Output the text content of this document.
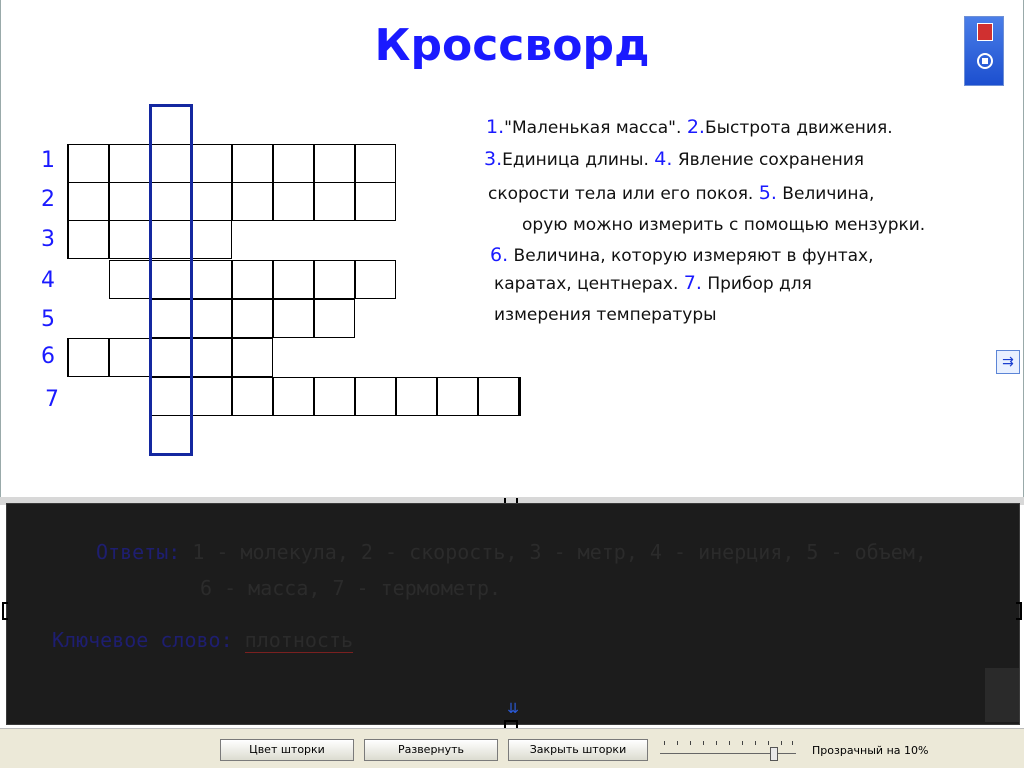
Кроссворд
1
2
3
4
5
6
7
1."Маленькая масса". 2.Быстрота движения.
3.Единица длины. 4. Явление сохранения
скорости тела или его покоя. 5. Величина,
орую можно измерить с помощью мензурки.
6. Величина, которую измеряют в фунтах,
каратах, центнерах. 7. Прибор для
измерения температуры
⇉
Ответы: 1 - молекула, 2 - скорость, 3 - метр, 4 - инерция, 5 - объем,
6 - масса, 7 - термометр.
Ключевое слово: плотность
⇊
Цвет шторки	Развернуть	Закрыть шторки	Прозрачный на 10%
